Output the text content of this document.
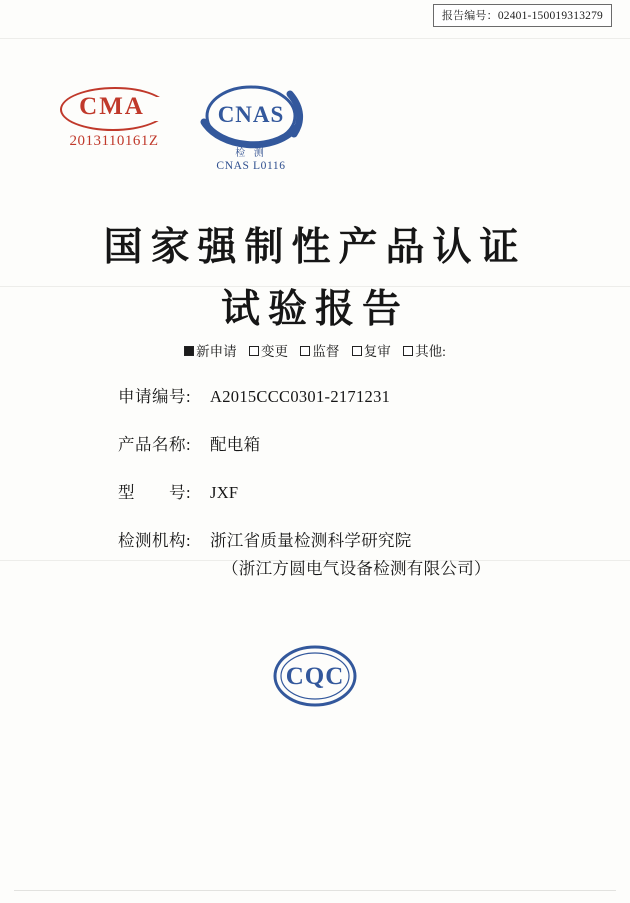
报告编号：02401-150019313279
CMA
2013110161Z
CNAS
检 测
CNAS L0116
国家强制性产品认证
试验报告
新申请 变更 监督 复审 其他:
申请编号:	A2015CCC0301-2171231
产品名称:	配电箱
型　　号:	JXF
检测机构:	浙江省质量检测科学研究院
（浙江方圆电气设备检测有限公司）
CQC
